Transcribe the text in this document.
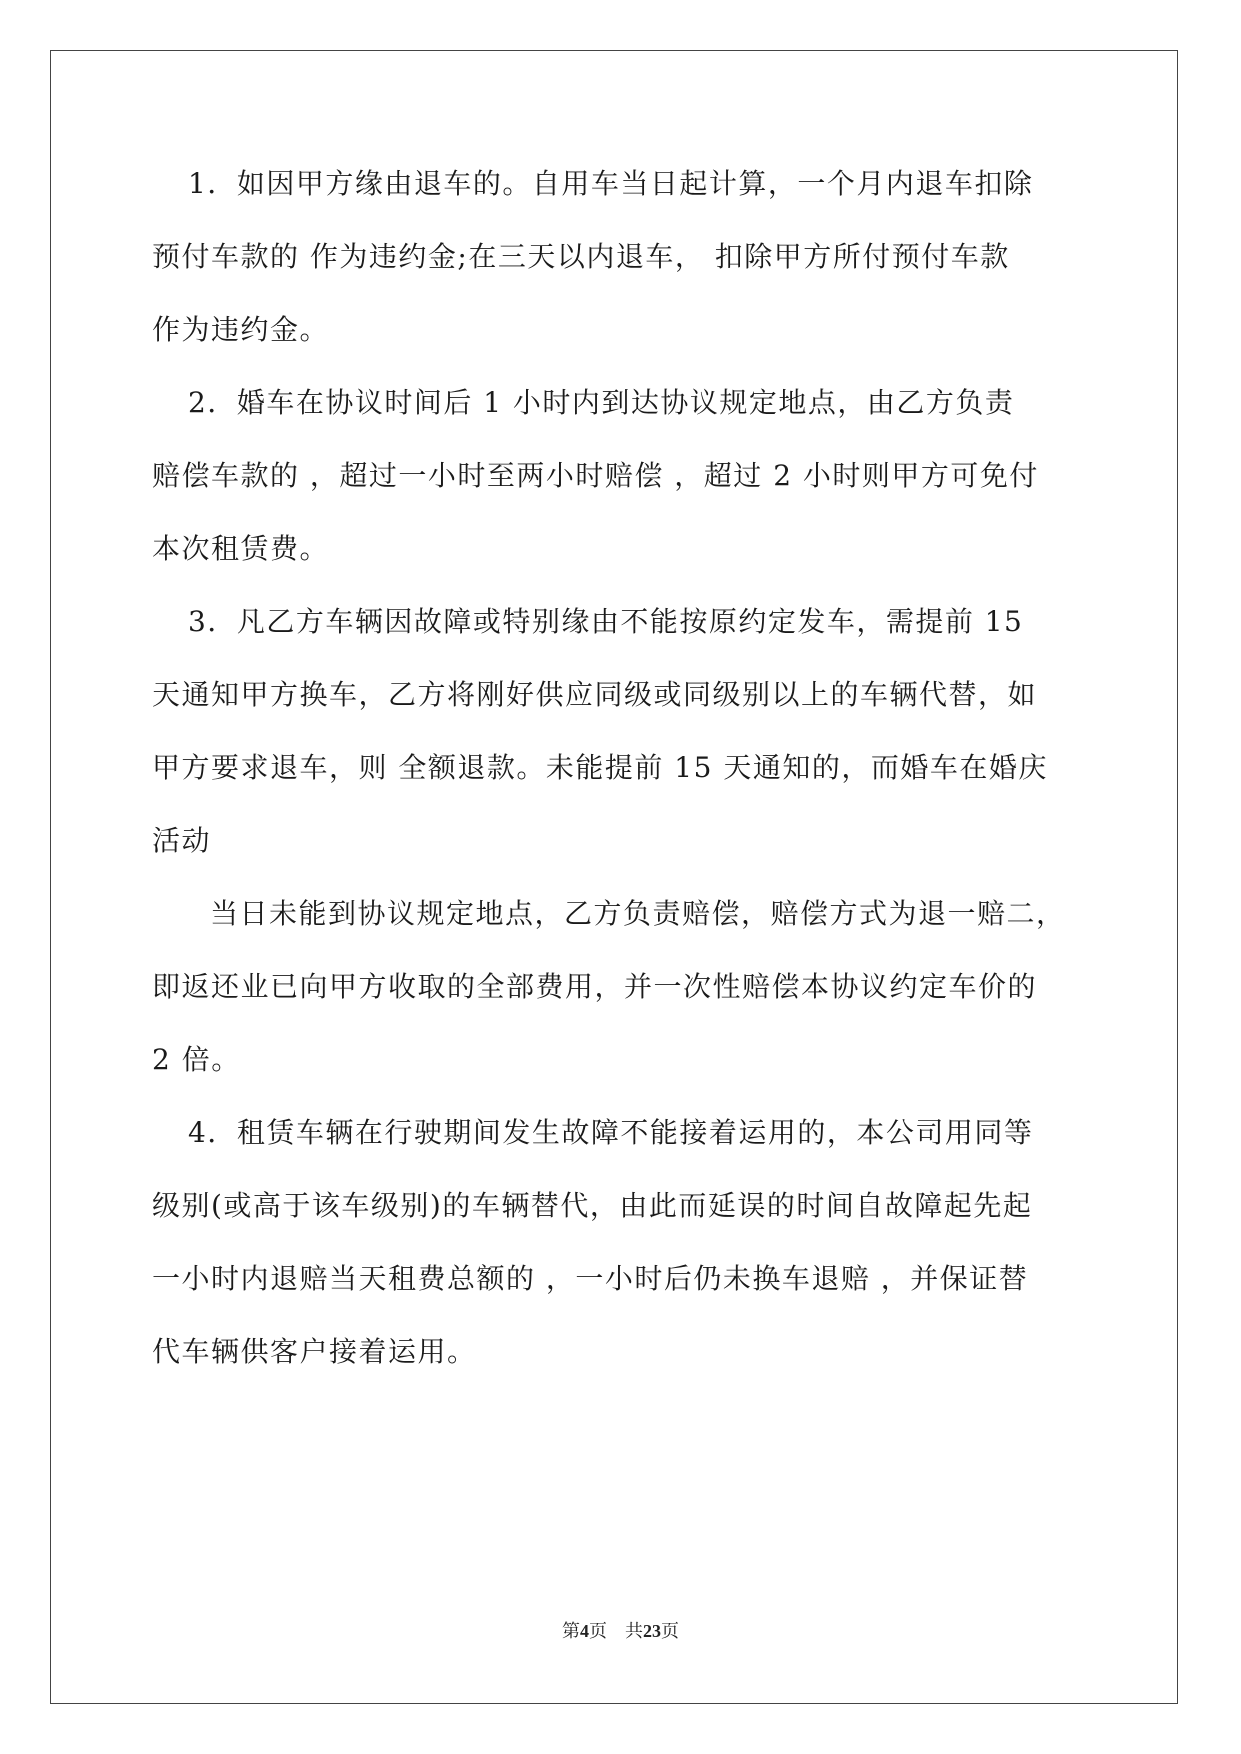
1．如因甲方缘由退车的。自用车当日起计算，一个月内退车扣除
预付车款的 作为违约金;在三天以内退车， 扣除甲方所付预付车款
作为违约金。
2．婚车在协议时间后 1 小时内到达协议规定地点，由乙方负责
赔偿车款的 ，超过一小时至两小时赔偿 ，超过 2 小时则甲方可免付
本次租赁费。
3．凡乙方车辆因故障或特别缘由不能按原约定发车，需提前 15
天通知甲方换车，乙方将刚好供应同级或同级别以上的车辆代替，如
甲方要求退车，则 全额退款。未能提前 15 天通知的，而婚车在婚庆
活动
当日未能到协议规定地点，乙方负责赔偿，赔偿方式为退一赔二，
即返还业已向甲方收取的全部费用，并一次性赔偿本协议约定车价的
2 倍。
4．租赁车辆在行驶期间发生故障不能接着运用的，本公司用同等
级别(或高于该车级别)的车辆替代，由此而延误的时间自故障起先起
一小时内退赔当天租费总额的 ，一小时后仍未换车退赔 ，并保证替
代车辆供客户接着运用。
第4页　共23页
